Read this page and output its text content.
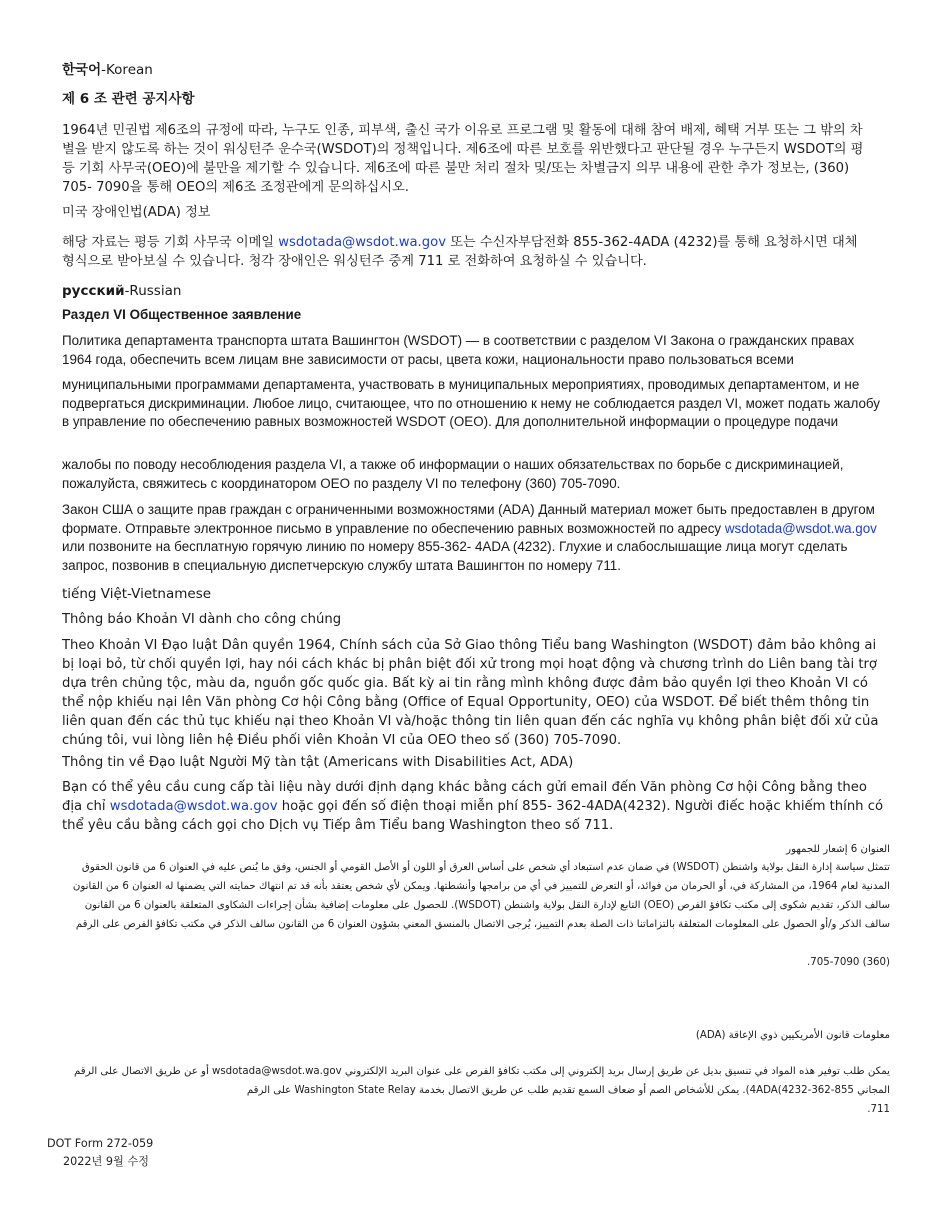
한국어-Korean
제 6 조 관련 공지사항
1964년 민권법 제6조의 규정에 따라, 누구도 인종, 피부색, 출신 국가 이유로 프로그램 및 활동에 대해 참여 배제, 혜택 거부 또는 그 밖의 차별을 받지 않도록 하는 것이 워싱턴주 운수국(WSDOT)의 정책입니다. 제6조에 따른 보호를 위반했다고 판단될 경우 누구든지 WSDOT의 평등 기회 사무국(OEO)에 불만을 제기할 수 있습니다. 제6조에 따른 불만 처리 절차 및/또는 차별금지 의무 내용에 관한 추가 정보는, (360) 705- 7090을 통해 OEO의 제6조 조정관에게 문의하십시오.
미국 장애인법(ADA) 정보
해당 자료는 평등 기회 사무국 이메일 wsdotada@wsdot.wa.gov 또는 수신자부담전화 855-362-4ADA (4232)를 통해 요청하시면 대체 형식으로 받아보실 수 있습니다. 청각 장애인은 워싱턴주 중계 711 로 전화하여 요청하실 수 있습니다.
русский-Russian
Раздел VI Общественное заявление
Политика департамента транспорта штата Вашингтон (WSDOT) — в соответствии с разделом VI Закона о гражданских правах 1964 года, обеспечить всем лицам вне зависимости от расы, цвета кожи, национальности право пользоваться всеми
муниципальными программами департамента, участвовать в муниципальных мероприятиях, проводимых департаментом, и не подвергаться дискриминации. Любое лицо, считающее, что по отношению к нему не соблюдается раздел VI, может подать жалобу в управление по обеспечению равных возможностей WSDOT (OEO). Для дополнительной информации о процедуре подачи
жалобы по поводу несоблюдения раздела VI, а также об информации о наших обязательствах по борьбе с дискриминацией, пожалуйста, свяжитесь с координатором OEO по разделу VI по телефону (360) 705-7090.
Закон США о защите прав граждан с ограниченными возможностями (ADA) Данный материал может быть предоставлен в другом формате. Отправьте электронное письмо в управление по обеспечению равных возможностей по адресу wsdotada@wsdot.wa.gov или позвоните на бесплатную горячую линию по номеру 855-362- 4ADA (4232). Глухие и слабослышащие лица могут сделать запрос, позвонив в специальную диспетчерскую службу штата Вашингтон по номеру 711.
tiếng Việt-Vietnamese
Thông báo Khoản VI dành cho công chúng
Theo Khoản VI Đạo luật Dân quyền 1964, Chính sách của Sở Giao thông Tiểu bang Washington (WSDOT) đảm bảo không ai bị loại bỏ, từ chối quyền lợi, hay nói cách khác bị phân biệt đối xử trong mọi hoạt động và chương trình do Liên bang tài trợ dựa trên chủng tộc, màu da, nguồn gốc quốc gia. Bất kỳ ai tin rằng mình không được đảm bảo quyền lợi theo Khoản VI có thể nộp khiếu nại lên Văn phòng Cơ hội Công bằng (Office of Equal Opportunity, OEO) của WSDOT. Để biết thêm thông tin liên quan đến các thủ tục khiếu nại theo Khoản VI và/hoặc thông tin liên quan đến các nghĩa vụ không phân biệt đối xử của chúng tôi, vui lòng liên hệ Điều phối viên Khoản VI của OEO theo số (360) 705-7090.
Thông tin về Đạo luật Người Mỹ tàn tật (Americans with Disabilities Act, ADA)
Bạn có thể yêu cầu cung cấp tài liệu này dưới định dạng khác bằng cách gửi email đến Văn phòng Cơ hội Công bằng theo địa chỉ wsdotada@wsdot.wa.gov hoặc gọi đến số điện thoại miễn phí 855- 362-4ADA(4232). Người điếc hoặc khiếm thính có thể yêu cầu bằng cách gọi cho Dịch vụ Tiếp âm Tiểu bang Washington theo số 711.
العنوان 6 إشعار للجمهور
تتمثل سياسة إدارة النقل بولاية واشنطن (WSDOT) في ضمان عدم استبعاد أي شخص على أساس العرق أو اللون أو الأصل القومي أو الجنس، وفق ما يُنص عليه في العنوان 6 من قانون الحقوق المدنية لعام 1964، من المشاركة في، أو الحرمان من فوائد، أو التعرض للتمييز في أي من برامجها وأنشطتها. ويمكن لأي شخص يعتقد بأنه قد تم انتهاك حمايته التي يضمنها له العنوان 6 من القانون سالف الذكر، تقديم شكوى إلى مكتب تكافؤ الفرص (OEO) التابع لإدارة النقل بولاية واشنطن (WSDOT). للحصول على معلومات إضافية بشأن إجراءات الشكاوى المتعلقة بالعنوان 6 من القانون سالف الذكر و/أو الحصول على المعلومات المتعلقة بالتزاماتنا ذات الصلة بعدم التمييز، يُرجى الاتصال بالمنسق المعني بشؤون العنوان 6 من القانون سالف الذكر في مكتب تكافؤ الفرص على الرقم
(360) 705-7090.
معلومات قانون الأمريكيين ذوي الإعاقة (ADA)
يمكن طلب توفير هذه المواد في تنسيق بديل عن طريق إرسال بريد إلكتروني إلى مكتب تكافؤ الفرص على عنوان البريد الإلكتروني wsdotada@wsdot.wa.gov أو عن طريق الاتصال على الرقم المجاني 855-362-4232)4ADA). يمكن للأشخاص الصم أو ضعاف السمع تقديم طلب عن طريق الاتصال بخدمة Washington State Relay على الرقم
711.
DOT Form 272-059
2022년 9월 수정
